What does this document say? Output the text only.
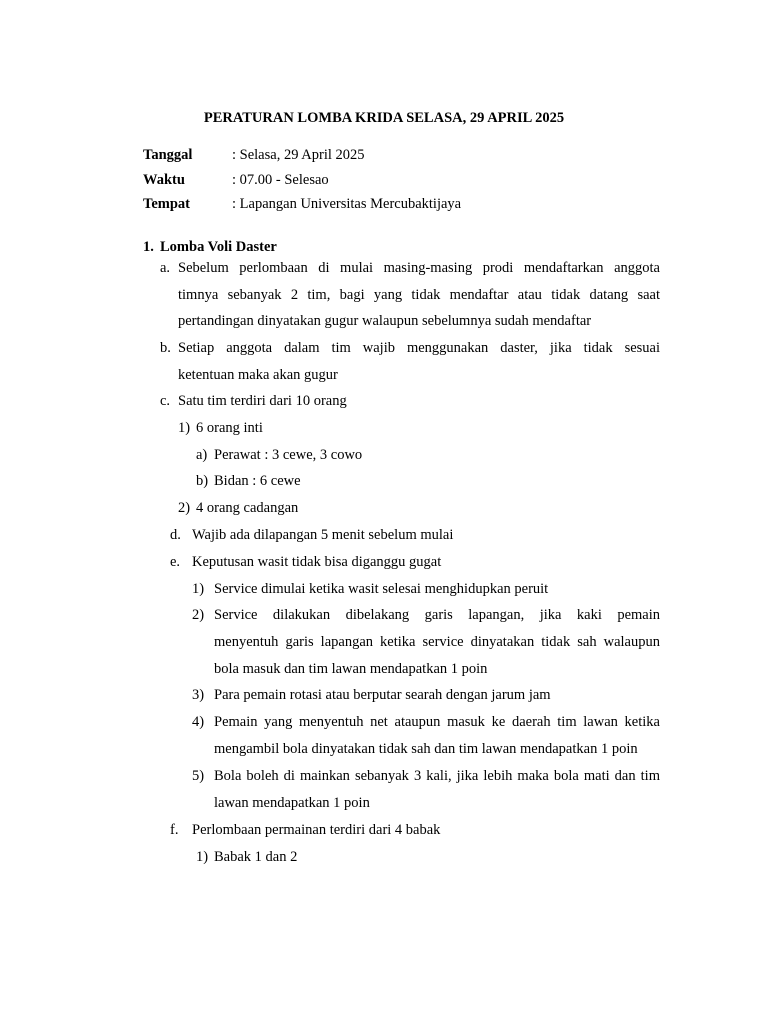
PERATURAN LOMBA KRIDA SELASA, 29 APRIL 2025
Tanggal	: Selasa, 29 April 2025
Waktu	: 07.00 - Selesao
Tempat	: Lapangan Universitas Mercubaktijaya
1. Lomba Voli Daster
a. Sebelum perlombaan di mulai masing-masing prodi mendaftarkan anggota
timnya sebanyak 2 tim, bagi yang tidak mendaftar atau tidak datang saat
pertandingan dinyatakan gugur walaupun sebelumnya sudah mendaftar
b. Setiap anggota dalam tim wajib menggunakan daster, jika tidak sesuai
ketentuan maka akan gugur
c. Satu tim terdiri dari 10 orang
1) 6 orang inti
a) Perawat : 3 cewe, 3 cowo
b) Bidan : 6 cewe
2) 4 orang cadangan
d. Wajib ada dilapangan 5 menit sebelum mulai
e. Keputusan wasit tidak bisa diganggu gugat
1) Service dimulai ketika wasit selesai menghidupkan peruit
2) Service dilakukan dibelakang garis lapangan, jika kaki pemain
menyentuh garis lapangan ketika service dinyatakan tidak sah walaupun
bola masuk dan tim lawan mendapatkan 1 poin
3) Para pemain rotasi atau berputar searah dengan jarum jam
4) Pemain yang menyentuh net ataupun masuk ke daerah tim lawan ketika
mengambil bola dinyatakan tidak sah dan tim lawan mendapatkan 1 poin
5) Bola boleh di mainkan sebanyak 3 kali, jika lebih maka bola mati dan tim
lawan mendapatkan 1 poin
f. Perlombaan permainan terdiri dari 4 babak
1) Babak 1 dan 2
